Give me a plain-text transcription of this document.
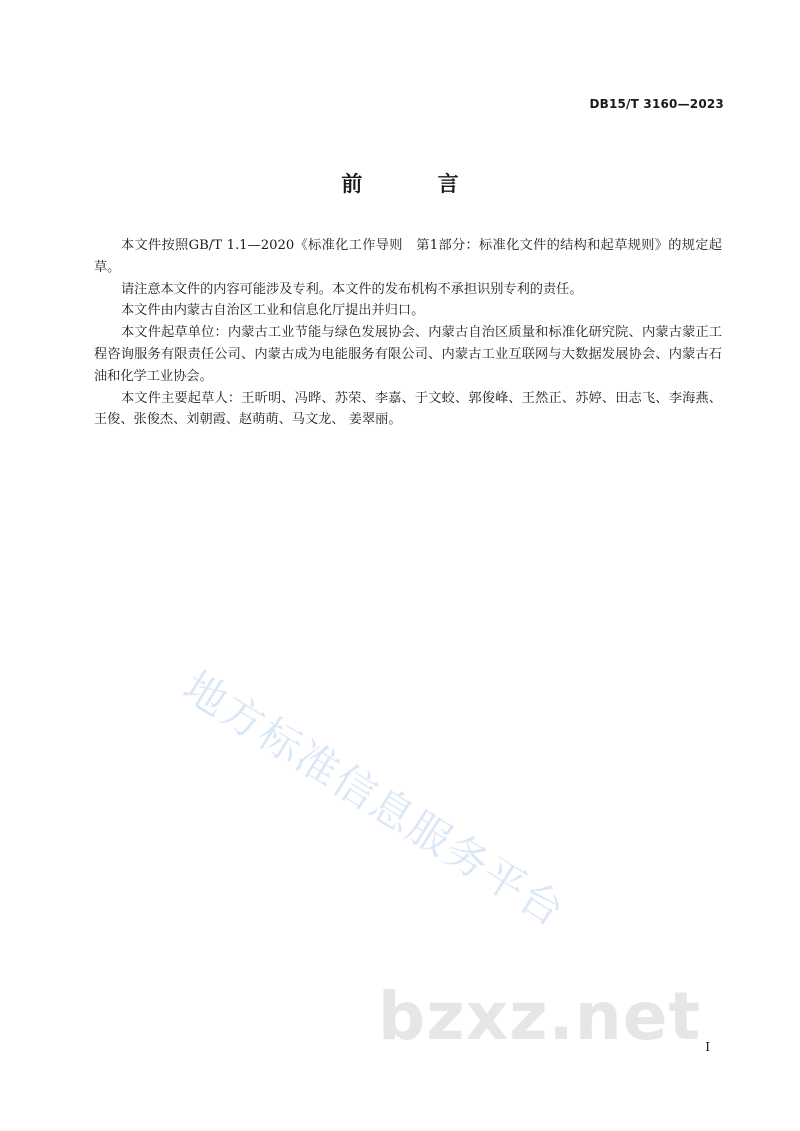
DB15/T 3160—2023
前 言

本文件按照GB/T 1.1—2020《标准化工作导则　第1部分：标准化文件的结构和起草规则》的规定起草。

请注意本文件的内容可能涉及专利。本文件的发布机构不承担识别专利的责任。

本文件由内蒙古自治区工业和信息化厅提出并归口。

本文件起草单位：内蒙古工业节能与绿色发展协会、内蒙古自治区质量和标准化研究院、内蒙古蒙正工程咨询服务有限责任公司、内蒙古成为电能服务有限公司、内蒙古工业互联网与大数据发展协会、内蒙古石油和化学工业协会。

本文件主要起草人：王昕明、冯晔、苏荣、李嘉、于文蛟、郭俊峰、王然正、苏婷、田志飞、李海燕、王俊、张俊杰、刘朝霞、赵萌萌、马文龙、 姜翠丽。

地方标准信息服务平台
bzxz.net I
